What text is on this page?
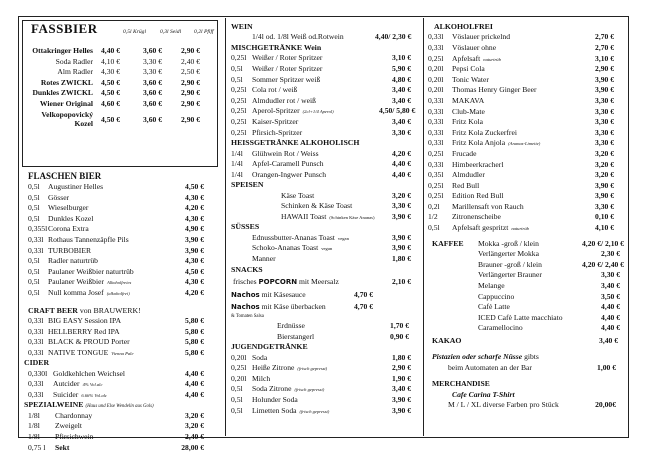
FASSBIER	0,5l Krügl	0,3l Seidl	0,2l Pfiff
Ottakringer Helles	4,40 €	3,60 €	2,90 €
Soda Radler	4,10 €	3,30 €	2,40 €
Alm Radler	4,30 €	3,30 €	2,50 €
Rotes ZWICKL	4,50 €	3,60 €	2,90 €
Dunkles ZWICKL	4,50 €	3,60 €	2,90 €
Wiener Original	4,60 €	3,60 €	2,90 €
Velkopopovický
Kozel	4,50 €	3,60 €	2,90 €
FLASCHEN BIER
0,5l	Augustiner Helles	4,50 €
0,5l	Gösser	4,30 €
0,5l	Wieselburger	4,20 €
0,5l	Dunkles Kozel	4,30 €
0,355l Corona Extra	4,90 €
0,33l Rothaus Tannenzäpfle Pils	3,90 €
0,33l TURBOBIER	3,90 €
0,5l	Radler naturtrüb	4,30 €
0,5l	Paulaner Weißbier naturtrüb	4,50 €
0,5l	Paulaner Weißbier Alkoholfreies	4,30 €
0,5l	Null komma Josef (alkoholfrei)	4,20 €
CRAFT BEER von BRAUWERK!
0,33l BIG EASY Session IPA	5,80 €
0,33l HELLBERRY Red IPA	5,80 €
0,33l BLACK & PROUD Porter	5,80 €
0,33l NATIVE TONGUE Vienna Pale	5,80 €
CIDER
0,330l Goldkehlchen Weichsel	4,40 €
0,33l	Autcider 4% Vol.alc	4,40 €
0,33l	Suicider 6.66% Vol.alc	4,40 €
SPEZIALWEINE (Haus und Else Wendelin aus Gols)
1/8l	Chardonnay	3,20 €
1/8l	Zweigelt	3,20 €
1/8l	Pfirsichwein	2,40 €
0,75 l	Sekt	28,00 €
WEIN
1/4l od. 1/8l Weiß od.Rotwein	4,40/ 2,30 €
MISCHGETRÄNKE Wein
0,25l Weißer / Roter Spritzer	3,10 €
0,5l	Weißer / Roter Spritzer	5,90 €
0,5l	Sommer Spritzer weiß	4,80 €
0,25l Cola rot / weiß	3,40 €
0,25l Almdudler rot / weiß	3,40 €
0,25l Aperol-Spritzer (2cl+1/4 Aperol)	4,50/ 5,80 €
0,25l Kaiser-Spritzer	3,40 €
0,25l Pfirsich-Spritzer	3,30 €
HEISSGETRÄNKE ALKOHOLISCH
1/4l	Glühwein Rot / Weiss	4,20 €
1/4l	Apfel-Caramell Punsch	4,40 €
1/4l	Orangen-Ingwer Punsch	4,40 €
SPEISEN
Käse Toast	3,20 €
Schinken & Käse Toast	3,30 €
HAWAII Toast (Schinken Käse Ananas)	3,90 €
SÜSSES
Ednussbutter-Ananas Toast vegan	3,90 €
Schoko-Ananas Toast vegan	3,90 €
Manner	1,80 €
SNACKS
frisches POPCORN mit Meersalz	2,10 €
Nachos mit Käsesauce	4,70 €
Nachos mit Käse überbacken	4,70 €
& Tomaten Salsa
Erdnüsse	1,70 €
Bierstangerl	0,90 €
JUGENDGETRÄNKE
0,20l Soda	1,80 €
0,25l Heiße Zitrone (frisch gepresst)	2,90 €
0,20l Milch	1,90 €
0,5l	Soda Zitrone (frisch gepresst)	3,40 €
0,5l	Holunder Soda	3,90 €
0,5l	Limetten Soda (frisch gepresst)	3,90 €
ALKOHOLFREI
0,33l	Vöslauer prickelnd	2,70 €
0,33l	Vöslauer ohne	2,70 €
0,25l	Apfelsaft naturtrüb	3,10 €
0,20l	Pepsi Cola	2,90 €
0,20l	Tonic Water	3,90 €
0,20l	Thomas Henry Ginger Beer	3,90 €
0,33l	MAKAVA	3,30 €
0,33l	Club-Mate	3,30 €
0,33l	Fritz Kola	3,30 €
0,33l	Fritz Kola Zuckerfrei	3,30 €
0,33l	Fritz Kola Anjola (Ananas-Limette)	3,30 €
0,25l	Frucade	3,20 €
0,33l	Himbeerkracherl	3,20 €
0,35l	Almdudler	3,20 €
0,25l	Red Bull	3,90 €
0,25l	Edition Red Bull	3,90 €
0,2l	Marillensaft von Rauch	3,30 €
1/2	Zitronenscheibe	0,10 €
0,5l	Apfelsaft gespritzt naturtrüb	4,10 €
KAFFEE	Mokka -groß / klein	4,20 €/ 2,10 €
Verlängerter Mokka	2,30 €
Brauner -groß / klein	4,20 €/ 2,40 €
Verlängerter Brauner	3,30 €
Melange	3,40 €
Cappuccino	3,50 €
Cafè Latte	4,40 €
ICED Cafè Latte macchiato	4,40 €
Caramellocino	4,40 €
KAKAO	3,40 €
Pistazien oder scharfe Nüsse gibts
beim Automaten an der Bar	1,00 €
MERCHANDISE
Cafe Carina T-Shirt
M / L / XL diverse Farben pro Stück	20,00€
